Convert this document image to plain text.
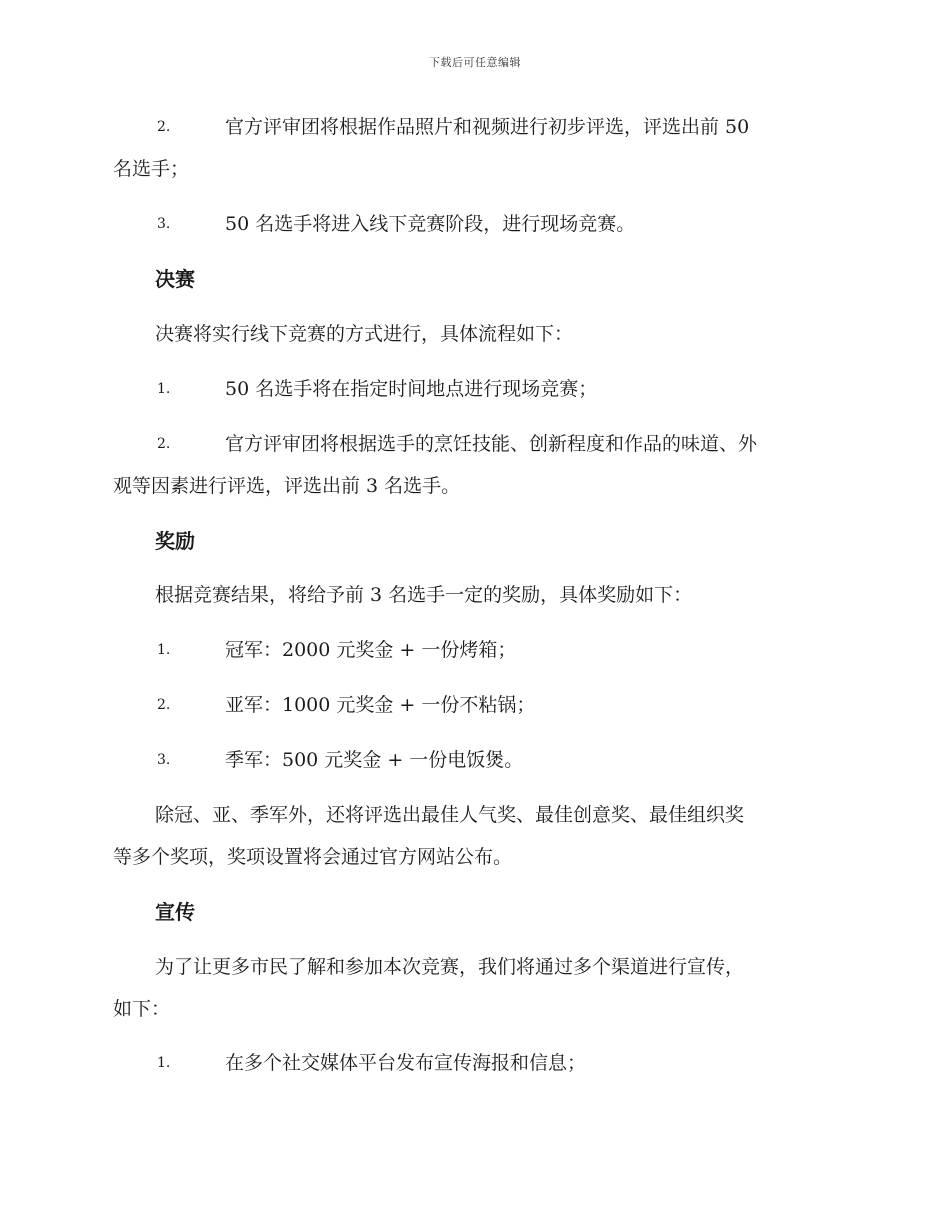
下载后可任意编辑
2.	官方评审团将根据作品照片和视频进行初步评选，评选出前 50
名选手；
3.	50 名选手将进入线下竞赛阶段，进行现场竞赛。
决赛
决赛将实行线下竞赛的方式进行，具体流程如下：
1.	50 名选手将在指定时间地点进行现场竞赛；
2.	官方评审团将根据选手的烹饪技能、创新程度和作品的味道、外
观等因素进行评选，评选出前 3 名选手。
奖励
根据竞赛结果，将给予前 3 名选手一定的奖励，具体奖励如下：
1.	冠军：2000 元奖金 + 一份烤箱；
2.	亚军：1000 元奖金 + 一份不粘锅；
3.	季军：500 元奖金 + 一份电饭煲。
除冠、亚、季军外，还将评选出最佳人气奖、最佳创意奖、最佳组织奖
等多个奖项，奖项设置将会通过官方网站公布。
宣传
为了让更多市民了解和参加本次竞赛，我们将通过多个渠道进行宣传，
如下：
1.	在多个社交媒体平台发布宣传海报和信息；
